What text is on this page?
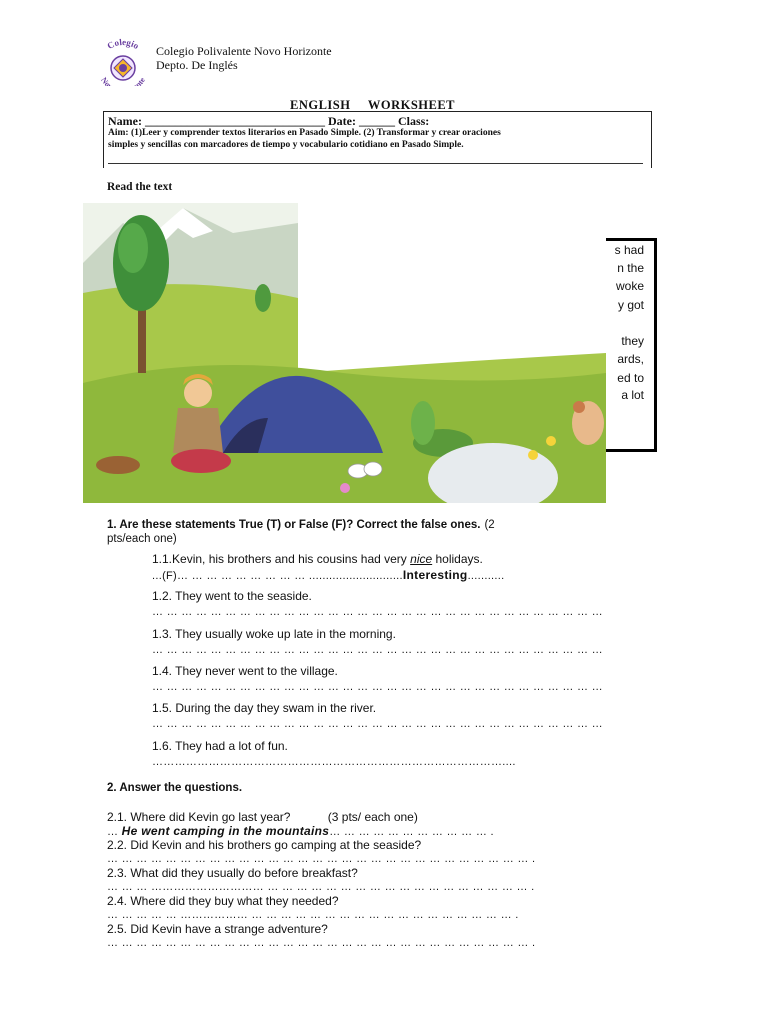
Colegio
No nte
Colegio Polivalente Novo Horizonte
Depto. De Inglés
ENGLISH WORKSHEET
Name: ______________________________ Date: ______ Class:
Aim: (1)Leer y comprender textos literarios en Pasado Simple. (2) Transformar y crear oraciones
simples y sencillas con marcadores de tiempo y vocabulario cotidiano en Pasado Simple.
Read the text
s had
n the
woke
y got
they
ards,
ed to
a lot
1. Are these statements True (T) or False (F)? Correct the false ones. (2
pts/each one)
1.1.Kevin, his brothers and his cousins had very nice holidays.
...(F)… … … … … … … … … ............................Interesting...........
1.2. They went to the seaside.
… … … … … … … … … … … … … … … … … … … … … … … … … … … … … … …
1.3. They usually woke up late in the morning.
… … … … … … … … … … … … … … … … … … … … … … … … … … … … … … …
1.4. They never went to the village.
… … … … … … … … … … … … … … … … … … … … … … … … … … … … … … …
1.5. During the day they swam in the river.
… … … … … … … … … … … … … … … … … … … … … … … … … … … … … … …
1.6. They had a lot of fun.
…………………………………………………………………………………....
2. Answer the questions.
2.1. Where did Kevin go last year?	(3 pts/ each one)
… He went camping in the mountains… … … … … … … … … … … .
2.2. Did Kevin and his brothers go camping at the seaside?
… … … … … … … … … … … … … … … … … … … … … … … … … … … … … .
2.3. What did they usually do before breakfast?
… … … ………………………… … … … … … … … … … … … … … … … … … … .
2.4. Where did they buy what they needed?
… … … … … ……………… … … … … … … … … … … … … … … … … … … .
2.5. Did Kevin have a strange adventure?
… … … … … … … … … … … … … … … … … … … … … … … … … … … … … .
